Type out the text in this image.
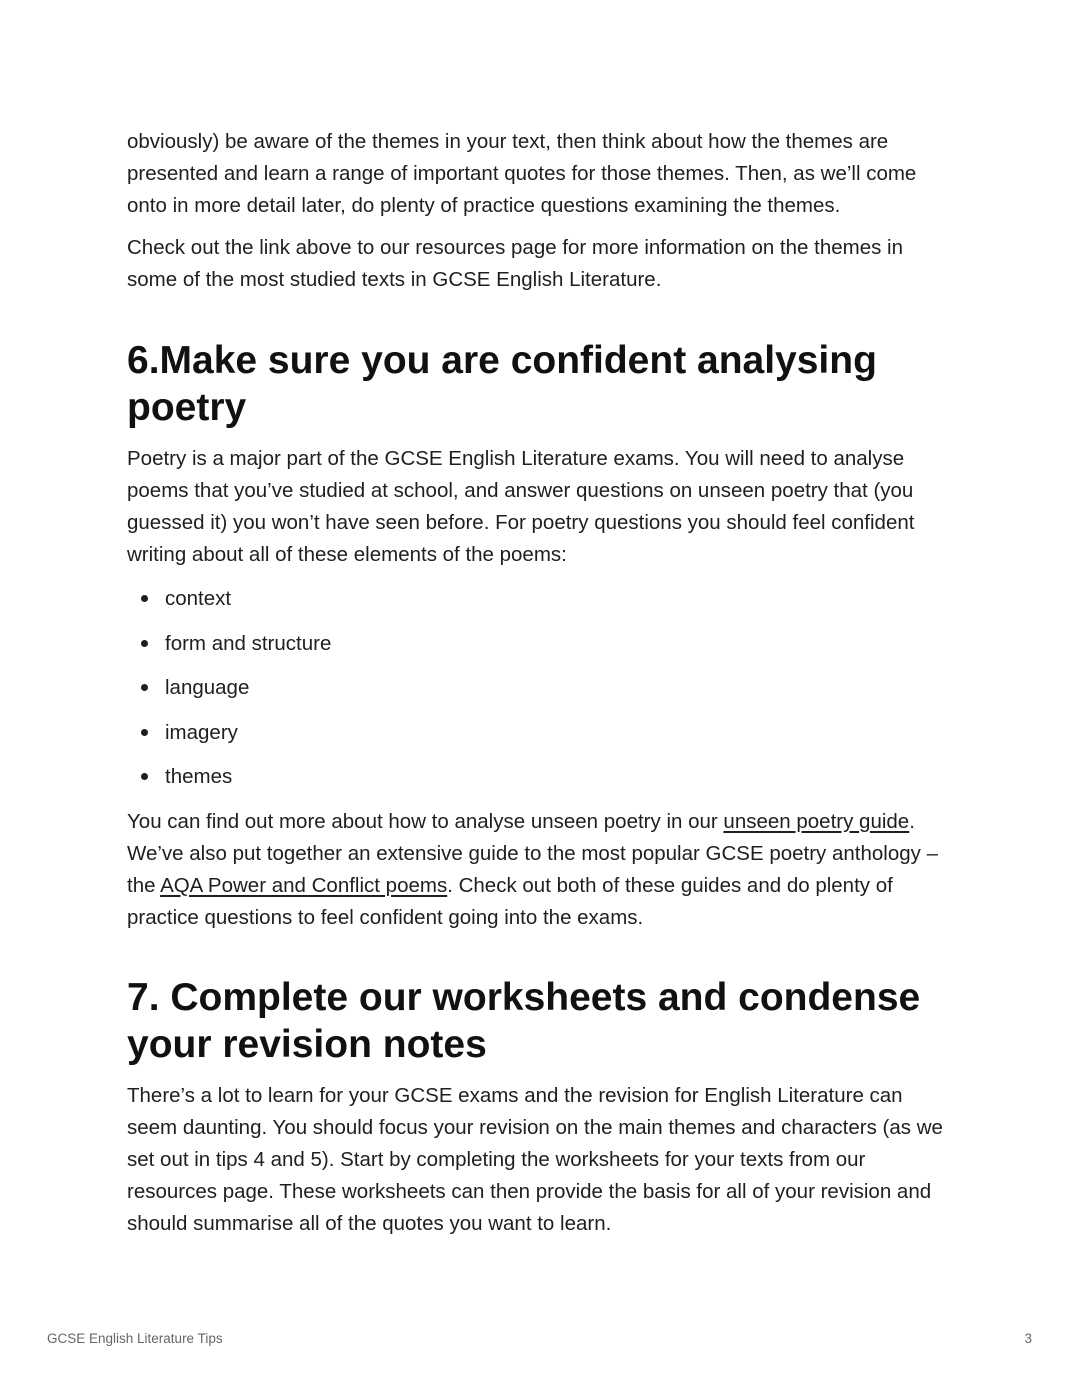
obviously) be aware of the themes in your text, then think about how the themes are presented and learn a range of important quotes for those themes. Then, as we’ll come onto in more detail later, do plenty of practice questions examining the themes.

Check out the link above to our resources page for more information on the themes in some of the most studied texts in GCSE English Literature.

6.Make sure you are confident analysing poetry

Poetry is a major part of the GCSE English Literature exams. You will need to analyse poems that you’ve studied at school, and answer questions on unseen poetry that (you guessed it) you won’t have seen before. For poetry questions you should feel confident writing about all of these elements of the poems:

context
form and structure
language
imagery
themes

You can find out more about how to analyse unseen poetry in our unseen poetry guide. We’ve also put together an extensive guide to the most popular GCSE poetry anthology – the AQA Power and Conflict poems. Check out both of these guides and do plenty of practice questions to feel confident going into the exams.

7. Complete our worksheets and condense your revision notes

There’s a lot to learn for your GCSE exams and the revision for English Literature can seem daunting. You should focus your revision on the main themes and characters (as we set out in tips 4 and 5). Start by completing the worksheets for your texts from our resources page. These worksheets can then provide the basis for all of your revision and should summarise all of the quotes you want to learn.

GCSE English Literature Tips	3
